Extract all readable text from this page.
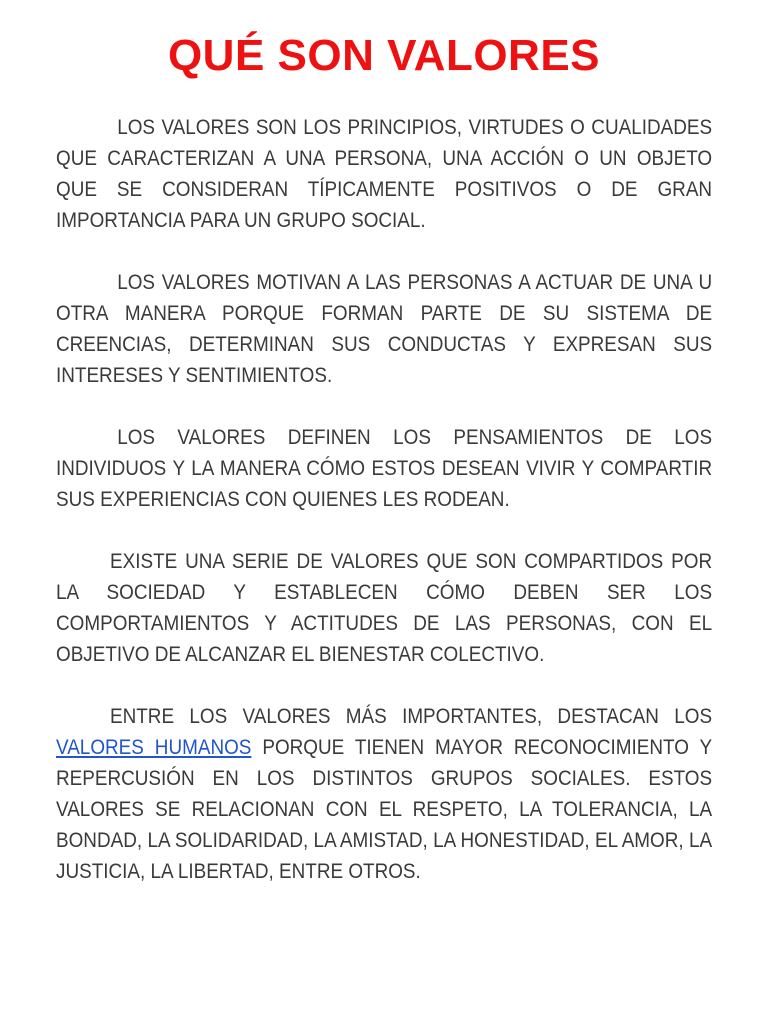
QUÉ SON VALORES

LOS VALORES SON LOS PRINCIPIOS, VIRTUDES O CUALIDADES QUE CARACTERIZAN A UNA PERSONA, UNA ACCIÓN O UN OBJETO QUE SE CONSIDERAN TÍPICAMENTE POSITIVOS O DE GRAN IMPORTANCIA PARA UN GRUPO SOCIAL.

LOS VALORES MOTIVAN A LAS PERSONAS A ACTUAR DE UNA U OTRA MANERA PORQUE FORMAN PARTE DE SU SISTEMA DE CREENCIAS, DETERMINAN SUS CONDUCTAS Y EXPRESAN SUS INTERESES Y SENTIMIENTOS.

LOS VALORES DEFINEN LOS PENSAMIENTOS DE LOS INDIVIDUOS Y LA MANERA CÓMO ESTOS DESEAN VIVIR Y COMPARTIR SUS EXPERIENCIAS CON QUIENES LES RODEAN.

EXISTE UNA SERIE DE VALORES QUE SON COMPARTIDOS POR LA SOCIEDAD Y ESTABLECEN CÓMO DEBEN SER LOS COMPORTAMIENTOS Y ACTITUDES DE LAS PERSONAS, CON EL OBJETIVO DE ALCANZAR EL BIENESTAR COLECTIVO.

ENTRE LOS VALORES MÁS IMPORTANTES, DESTACAN LOS VALORES HUMANOS PORQUE TIENEN MAYOR RECONOCIMIENTO Y REPERCUSIÓN EN LOS DISTINTOS GRUPOS SOCIALES. ESTOS VALORES SE RELACIONAN CON EL RESPETO, LA TOLERANCIA, LA BONDAD, LA SOLIDARIDAD, LA AMISTAD, LA HONESTIDAD, EL AMOR, LA JUSTICIA, LA LIBERTAD, ENTRE OTROS.
